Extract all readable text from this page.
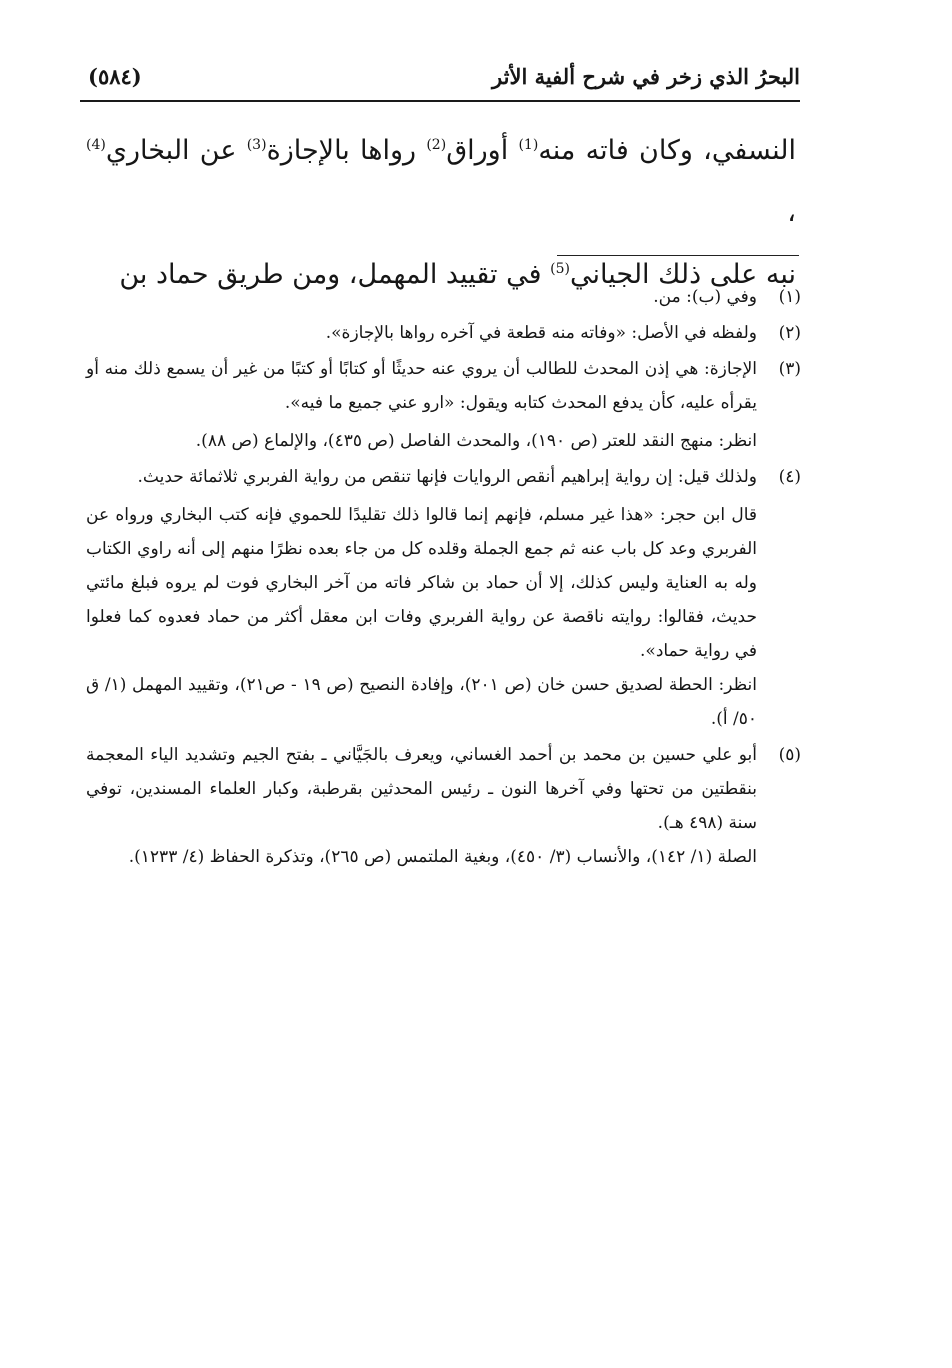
البحرُ الذي زخر في شرح ألفية الأثر
(٥٨٤)

النسفي، وكان فاته منه$^{(1)}$ أوراق$^{(2)}$ رواها بالإجازة$^{(3)}$ عن البخاري$^{(4)}$ ،

نبه على ذلك الجياني$^{(5)}$ في تقييد المهمل، ومن طريق حماد بن

(١)

وفي (ب): من.

(٢)

ولفظه في الأصل: «وفاته منه قطعة في آخره رواها بالإجازة».

(٣)

الإجازة: هي إذن المحدث للطالب أن يروي عنه حديثًا أو كتابًا أو كتبًا من غير أن يسمع ذلك منه أو يقرأه عليه، كأن يدفع المحدث كتابه ويقول: «ارو عني جميع ما فيه».

انظر: منهج النقد للعتر (ص ١٩٠)، والمحدث الفاصل (ص ٤٣٥)، والإلماع (ص ٨٨).

(٤)

ولذلك قيل: إن رواية إبراهيم أنقص الروايات فإنها تنقص من رواية الفربري ثلاثمائة حديث.

قال ابن حجر: «هذا غير مسلم، فإنهم إنما قالوا ذلك تقليدًا للحموي فإنه كتب البخاري ورواه عن الفربري وعد كل باب عنه ثم جمع الجملة وقلده كل من جاء بعده نظرًا منهم إلى أنه راوي الكتاب وله به العناية وليس كذلك، إلا أن حماد بن شاكر فاته من آخر البخاري فوت لم يروه فبلغ مائتي حديث، فقالوا: روايته ناقصة عن رواية الفربري وفات ابن معقل أكثر من حماد فعدوه كما فعلوا في رواية حماد».

انظر: الحطة لصديق حسن خان (ص ٢٠١)، وإفادة النصيح (ص ١٩ - ص٢١)، وتقييد المهمل (١/ ق ٥٠/ أ).

(٥)

أبو علي حسين بن محمد بن أحمد الغساني، ويعرف بالجَيَّاني ـ بفتح الجيم وتشديد الياء المعجمة بنقطتين من تحتها وفي آخرها النون ـ رئيس المحدثين بقرطبة، وكبار العلماء المسندين، توفي سنة (٤٩٨ هـ).

الصلة (١/ ١٤٢)، والأنساب (٣/ ٤٥٠)، وبغية الملتمس (ص ٢٦٥)، وتذكرة الحفاظ (٤/ ١٢٣٣).
